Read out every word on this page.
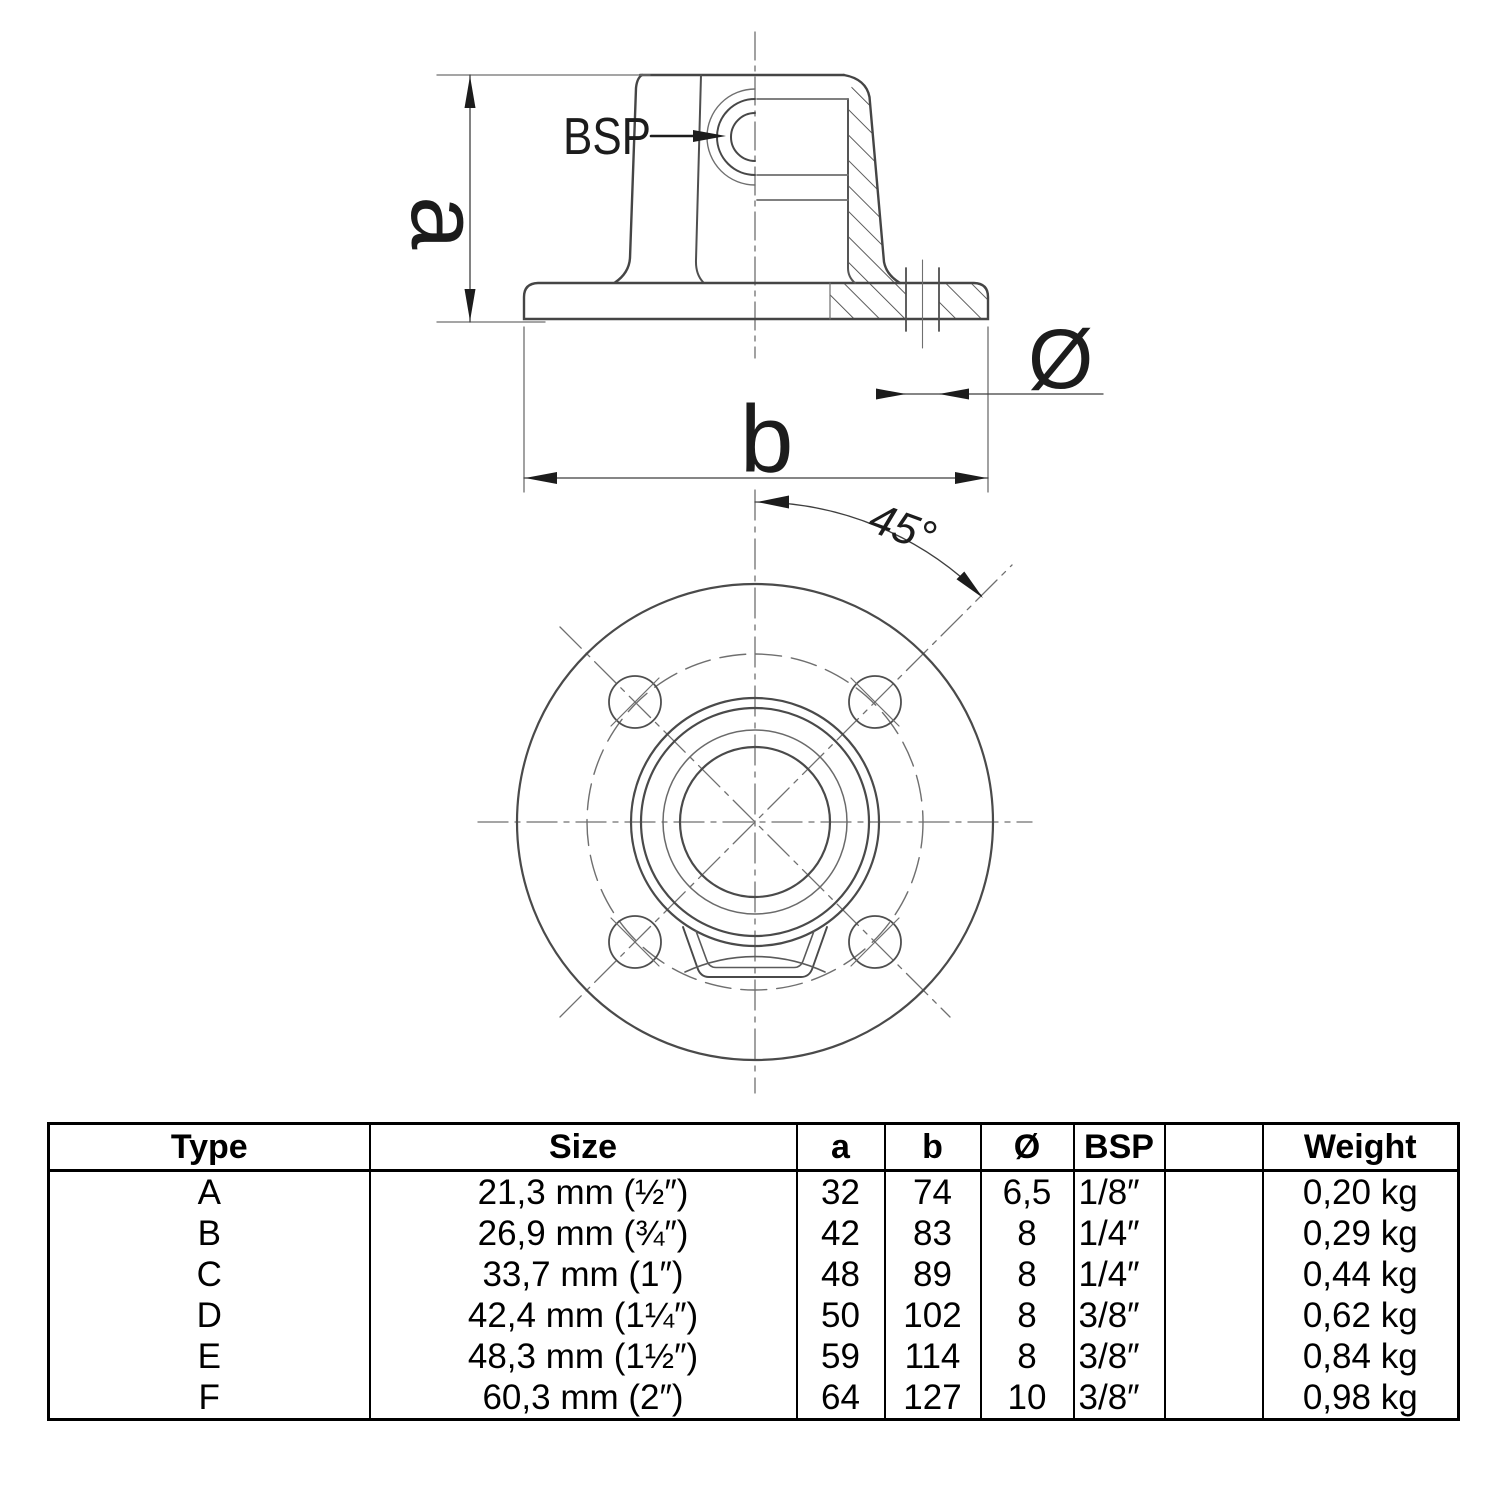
a
b
Ø
BSP
45°
Type	Size	a	b	Ø	BSP		Weight
A	21,3 mm (½″)	32	74	6,5	1/8″		0,20 kg
B	26,9 mm (¾″)	42	83	8	1/4″		0,29 kg
C	33,7 mm (1″)	48	89	8	1/4″		0,44 kg
D	42,4 mm (1¼″)	50	102	8	3/8″		0,62 kg
E	48,3 mm (1½″)	59	114	8	3/8″		0,84 kg
F	60,3 mm (2″)	64	127	10	3/8″		0,98 kg
